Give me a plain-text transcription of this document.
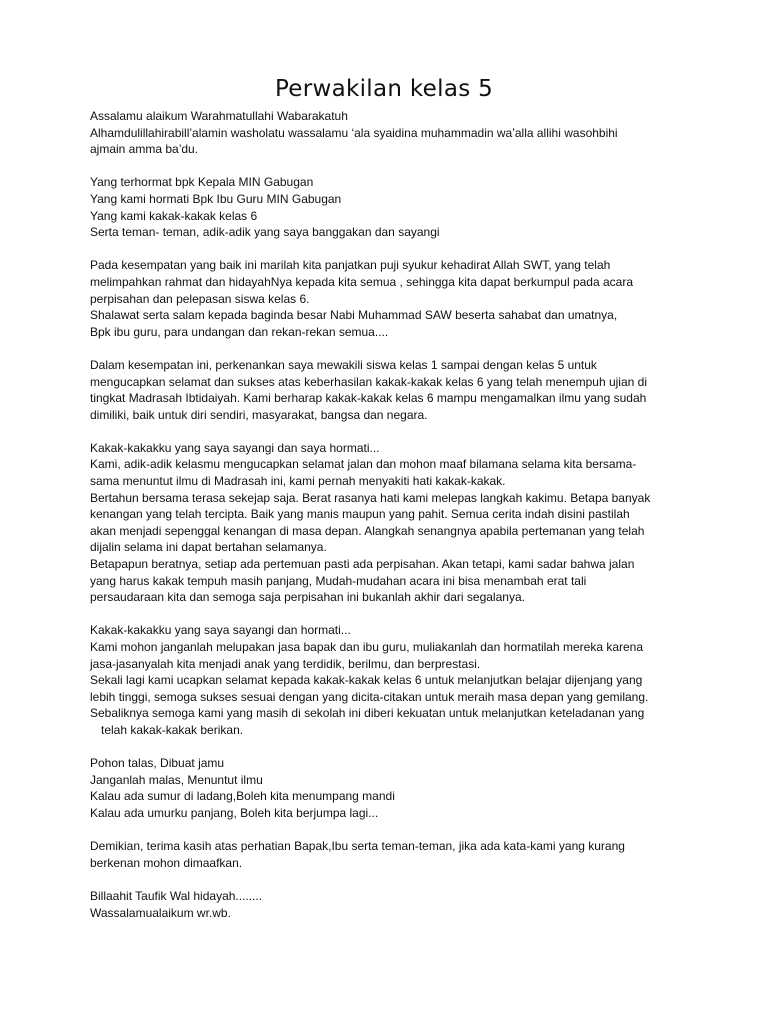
Perwakilan kelas 5
Assalamu alaikum Warahmatullahi Wabarakatuh
Alhamdulillahirabill’alamin washolatu wassalamu ‘ala syaidina muhammadin wa’alla allihi wasohbihi
ajmain amma ba’du.
Yang terhormat bpk Kepala MIN Gabugan
Yang kami hormati Bpk Ibu Guru MIN Gabugan
Yang kami kakak-kakak kelas 6
Serta teman- teman, adik-adik yang saya banggakan dan sayangi
Pada kesempatan yang baik ini marilah kita panjatkan puji syukur kehadirat Allah SWT, yang telah
melimpahkan rahmat dan hidayahNya kepada kita semua , sehingga kita dapat berkumpul pada acara
perpisahan dan pelepasan siswa kelas 6.
Shalawat serta salam kepada baginda besar Nabi Muhammad SAW beserta sahabat dan umatnya,
Bpk ibu guru, para undangan dan rekan-rekan semua....
Dalam kesempatan ini, perkenankan saya mewakili siswa kelas 1 sampai dengan kelas 5 untuk
mengucapkan selamat dan sukses atas keberhasilan kakak-kakak kelas 6 yang telah menempuh ujian di
tingkat Madrasah Ibtidaiyah. Kami berharap kakak-kakak kelas 6 mampu mengamalkan ilmu yang sudah
dimiliki, baik untuk diri sendiri, masyarakat, bangsa dan negara.
Kakak-kakakku yang saya sayangi dan saya hormati...
Kami, adik-adik kelasmu mengucapkan selamat jalan dan mohon maaf bilamana selama kita bersama-
sama menuntut ilmu di Madrasah ini, kami pernah menyakiti hati kakak-kakak.
Bertahun bersama terasa sekejap saja. Berat rasanya hati kami melepas langkah kakimu. Betapa banyak
kenangan yang telah tercipta. Baik yang manis maupun yang pahit. Semua cerita indah disini pastilah
akan menjadi sepenggal kenangan di masa depan. Alangkah senangnya apabila pertemanan yang telah
dijalin selama ini dapat bertahan selamanya.
Betapapun beratnya, setiap ada pertemuan pasti ada perpisahan. Akan tetapi, kami sadar bahwa jalan
yang harus kakak tempuh masih panjang, Mudah-mudahan acara ini bisa menambah erat tali
persaudaraan kita dan semoga saja perpisahan ini bukanlah akhir dari segalanya.
Kakak-kakakku yang saya sayangi dan hormati...
Kami mohon janganlah melupakan jasa bapak dan ibu guru, muliakanlah dan hormatilah mereka karena
jasa-jasanyalah kita menjadi anak yang terdidik, berilmu, dan berprestasi.
Sekali lagi kami ucapkan selamat kepada kakak-kakak kelas 6 untuk melanjutkan belajar dijenjang yang
lebih tinggi, semoga sukses sesuai dengan yang dicita-citakan untuk meraih masa depan yang gemilang.
Sebaliknya semoga kami yang masih di sekolah ini diberi kekuatan untuk melanjutkan keteladanan yang
telah kakak-kakak berikan.
Pohon talas, Dibuat jamu
Janganlah malas, Menuntut ilmu
Kalau ada sumur di ladang,Boleh kita menumpang mandi
Kalau ada umurku panjang, Boleh kita berjumpa lagi...
Demikian, terima kasih atas perhatian Bapak,Ibu serta teman-teman, jika ada kata-kami yang kurang
berkenan mohon dimaafkan.
Billaahit Taufik Wal hidayah........
Wassalamualaikum wr.wb.
